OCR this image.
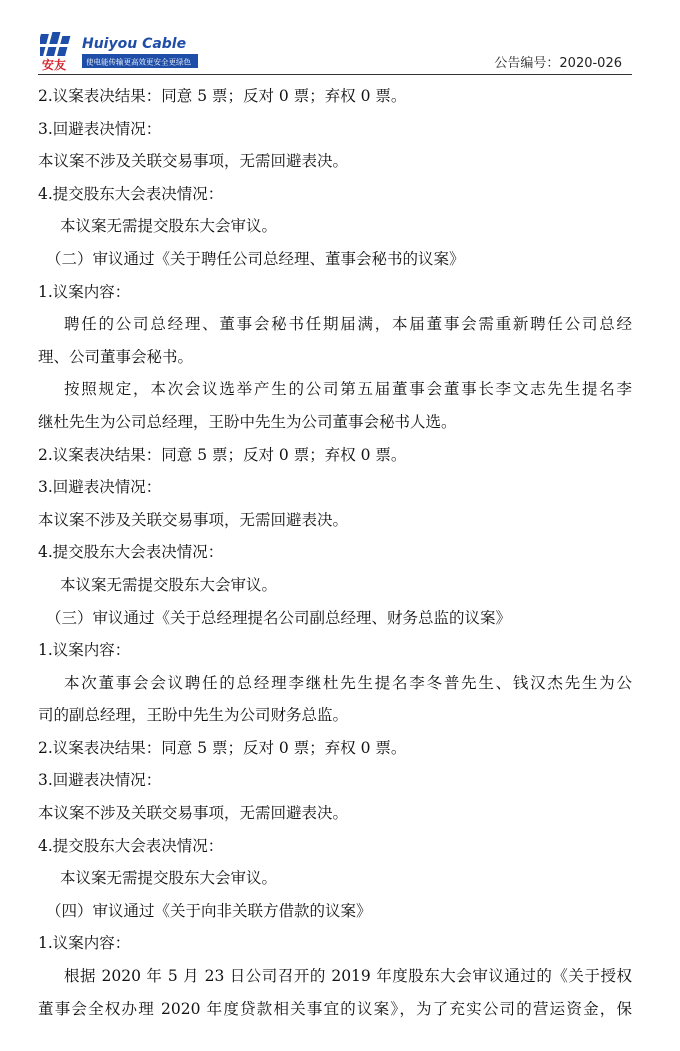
安友
Huiyou Cable
使电能传输更高效更安全更绿色	公告编号：2020-026
2.议案表决结果：同意 5 票；反对 0 票；弃权 0 票。
3.回避表决情况：
本议案不涉及关联交易事项，无需回避表决。
4.提交股东大会表决情况：
本议案无需提交股东大会审议。
（二）审议通过《关于聘任公司总经理、董事会秘书的议案》
1.议案内容：
聘任的公司总经理、董事会秘书任期届满，本届董事会需重新聘任公司总经
理、公司董事会秘书。
按照规定，本次会议选举产生的公司第五届董事会董事长李文志先生提名李
继杜先生为公司总经理，王盼中先生为公司董事会秘书人选。
2.议案表决结果：同意 5 票；反对 0 票；弃权 0 票。
3.回避表决情况：
本议案不涉及关联交易事项，无需回避表决。
4.提交股东大会表决情况：
本议案无需提交股东大会审议。
（三）审议通过《关于总经理提名公司副总经理、财务总监的议案》
1.议案内容：
本次董事会会议聘任的总经理李继杜先生提名李冬普先生、钱汉杰先生为公
司的副总经理，王盼中先生为公司财务总监。
2.议案表决结果：同意 5 票；反对 0 票；弃权 0 票。
3.回避表决情况：
本议案不涉及关联交易事项，无需回避表决。
4.提交股东大会表决情况：
本议案无需提交股东大会审议。
（四）审议通过《关于向非关联方借款的议案》
1.议案内容：
根据 2020 年 5 月 23 日公司召开的 2019 年度股东大会审议通过的《关于授权
董事会全权办理 2020 年度贷款相关事宜的议案》，为了充实公司的营运资金，保
